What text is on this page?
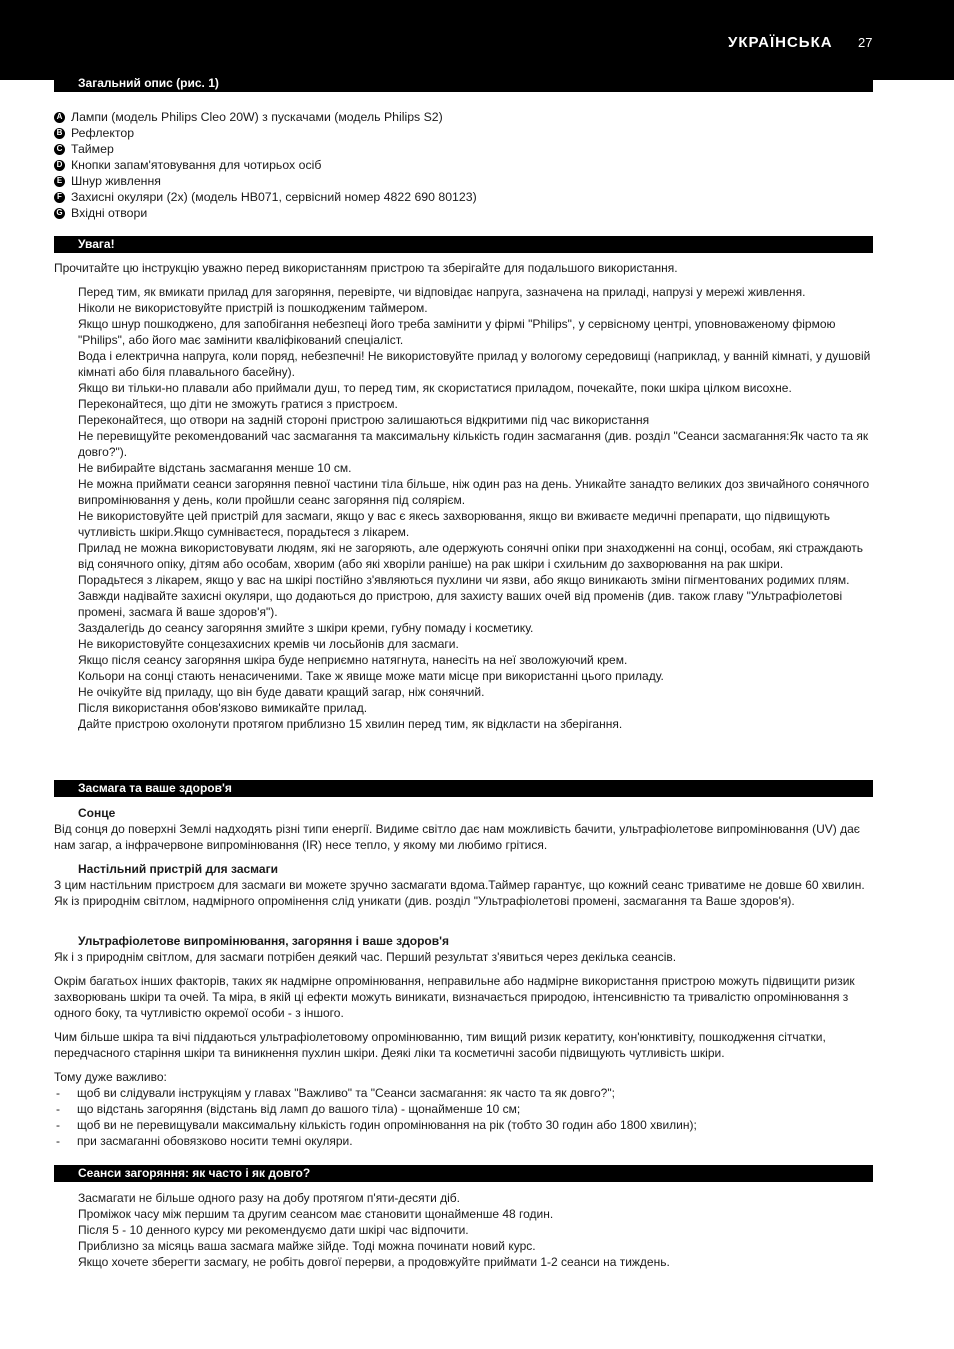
УКРАЇНСЬКА 27
Загальний опис (рис. 1)
A Лампи (модель Philips Cleo 20W) з пускачами (модель Philips S2)
B Рефлектор
C Таймер
D Кнопки запам'ятовування для чотирьох осіб
E Шнур живлення
F Захисні окуляри (2x) (модель HB071, сервісний номер 4822 690 80123)
G Вхідні отвори
Увага!
Прочитайте цю інструкцію уважно перед використанням пристрою та зберігайте для подальшого використання.
Перед тим, як вмикати прилад для загоряння, перевірте, чи відповідає напруга, зазначена на приладі, напрузі у мережі живлення.
Ніколи не використовуйте пристрій із пошкодженим таймером.
Якщо шнур пошкоджено, для запобігання небезпеці його треба замінити у фірмі "Philips", у сервісному центрі, уповноваженому фірмою "Philips", або його має замінити кваліфікований спеціаліст.
Вода і електрична напруга, коли поряд, небезпечні! Не використовуйте прилад у вологому середовищі (наприклад, у ванній кімнаті, у душовій кімнаті або біля плавального басейну).
Якщо ви тільки-но плавали або приймали душ, то перед тим, як скористатися приладом, почекайте, поки шкіра цілком висохне.
Переконайтеся, що діти не зможуть гратися з пристроєм.
Переконайтеся, що отвори на задній стороні пристрою залишаються відкритими під час використання
Не перевищуйте рекомендований час засмагання та максимальну кількість годин засмагання (див. розділ "Сеанси засмагання:Як часто та як довго?").
Не вибирайте відстань засмагання менше 10 см.
Не можна приймати сеанси загоряння певної частини тіла більше, ніж один раз на день. Уникайте занадто великих доз звичайного сонячного випромінювання у день, коли пройшли сеанс загоряння під солярієм.
Не використовуйте цей пристрій для засмаги, якщо у вас є якесь захворювання, якщо ви вживаєте медичні препарати, що підвищують чутливість шкіри.Якщо сумніваєтеся, порадьтеся з лікарем.
Прилад не можна використовувати людям, які не загоряють, але одержують сонячні опіки при знаходженні на сонці, особам, які страждають від сонячного опіку, дітям або особам, хворим (або які хворіли раніше) на рак шкіри і схильним до захворювання на рак шкіри.
Порадьтеся з лікарем, якщо у вас на шкірі постійно з'являються пухлини чи язви, або якщо виникають зміни пігментованих родимих плям.
Завжди надівайте захисні окуляри, що додаються до пристрою, для захисту ваших очей від променів (див. також главу "Ультрафіолетові промені, засмага й ваше здоров'я").
Заздалегідь до сеансу загоряння змийте з шкіри креми, губну помаду і косметику.
Не використовуйте сонцезахисних кремів чи лосьйонів для засмаги.
Якщо після сеансу загоряння шкіра буде неприємно натягнута, нанесіть на неї зволожуючий крем.
Кольори на сонці стають ненасиченими. Таке ж явище може мати місце при використанні цього приладу.
Не очікуйте від приладу, що він буде давати кращий загар, ніж сонячний.
Після використання обов'язково вимикайте прилад.
Дайте пристрою охолонути протягом приблизно 15 хвилин перед тим, як відкласти на зберігання.
Засмага та ваше здоров'я
Сонце

Від сонця до поверхні Землі надходять різні типи енергії. Видиме світло дає нам можливість бачити, ультрафіолетове випромінювання (UV) дає нам загар, а інфрачервоне випромінювання (IR) несе тепло, у якому ми любимо грітися.

Настільний пристрій для засмаги

З цим настільним пристроєм для засмаги ви можете зручно засмагати вдома.Таймер гарантує, що кожний сеанс триватиме не довше 60 хвилин. Як із природнім світлом, надмірного опромінення слід уникати (див. розділ "Ультрафіолетові промені, засмагання та Ваше здоров'я).

Ультрафіолетове випромінювання, загоряння і ваше здоров'я

Як і з природнім світлом, для засмаги потрібен деякий час. Перший результат з'явиться через декілька сеансів.

Окрім багатьох інших факторів, таких як надмірне опромінювання, неправильне або надмірне використання пристрою можуть підвищити ризик захворювань шкіри та очей. Та міра, в якій ці ефекти можуть виникати, визначається природою, інтенсивністю та тривалістю опромінювання з одного боку, та чутливістю окремої особи - з іншого.

Чим більше шкіра та вічі піддаються ультрафіолетовому опромінюванню, тим вищий ризик кератиту, кон'юнктивіту, пошкодження сітчатки, передчасного старіння шкіри та виникнення пухлин шкіри. Деякі ліки та косметичні засоби підвищують чутливість шкіри.

Тому дуже важливо:

- щоб ви слідували інструкціям у главах "Важливо" та "Сеанси засмагання: як часто та як довго?";
- що відстань загоряння (відстань від ламп до вашого тіла) - щонайменше 10 см;
- щоб ви не перевищували максимальну кількість годин опромінювання на рік (тобто 30 годин або 1800 хвилин);
- при засмаганні обовязково носити темні окуляри.
Сеанси загоряння: як часто і як довго?
Засмагати не більше одного разу на добу протягом п'яти-десяти діб.
Проміжок часу між першим та другим сеансом має становити щонайменше 48 годин.
Після 5 - 10 денного курсу ми рекомендуємо дати шкірі час відпочити.
Приблизно за місяць ваша засмага майже зійде. Тоді можна починати новий курс.
Якщо хочете зберегти засмагу, не робіть довгої перерви, а продовжуйте приймати 1-2 сеанси на тиждень.
